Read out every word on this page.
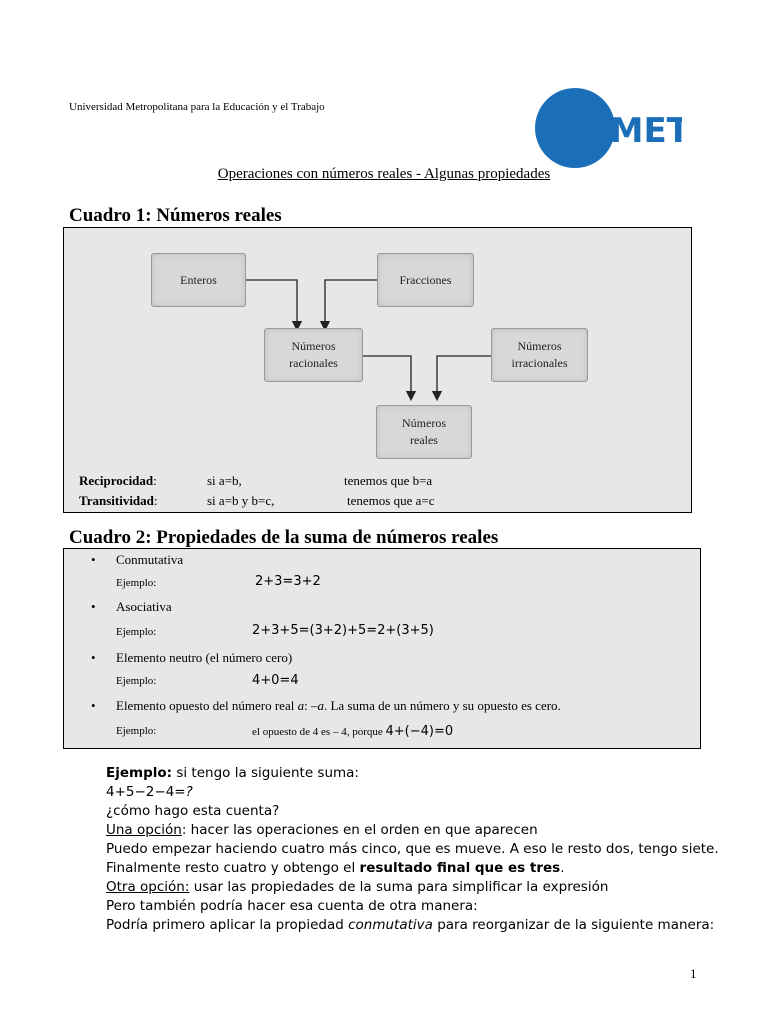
Universidad Metropolitana para la Educación y el Trabajo
UMET
Operaciones con números reales - Algunas propiedades
Cuadro 1: Números reales
Enteros	Fracciones
Números
racionales
Números
irracionales
Números
reales
Reciprocidad:	si a=b,	tenemos que b=a
Transitividad:	si a=b y b=c,	tenemos que a=c
Cuadro 2: Propiedades de la suma de números reales
• Conmutativa
Ejemplo:	2+3=3+2
• Asociativa
Ejemplo:	2+3+5=(3+2)+5=2+(3+5)
• Elemento neutro (el número cero)
Ejemplo:	4+0=4
• Elemento opuesto del número real a: –a. La suma de un número y su opuesto es cero.
Ejemplo:	el opuesto de 4 es – 4, porque 4+(−4)=0
Ejemplo: si tengo la siguiente suma:
4+5−2−4=?
¿cómo hago esta cuenta?
Una opción: hacer las operaciones en el orden en que aparecen
Puedo empezar haciendo cuatro más cinco, que es mueve. A eso le resto dos, tengo siete.
Finalmente resto cuatro y obtengo el resultado final que es tres.
Otra opción: usar las propiedades de la suma para simplificar la expresión
Pero también podría hacer esa cuenta de otra manera:
Podría primero aplicar la propiedad conmutativa para reorganizar de la siguiente manera:
1
